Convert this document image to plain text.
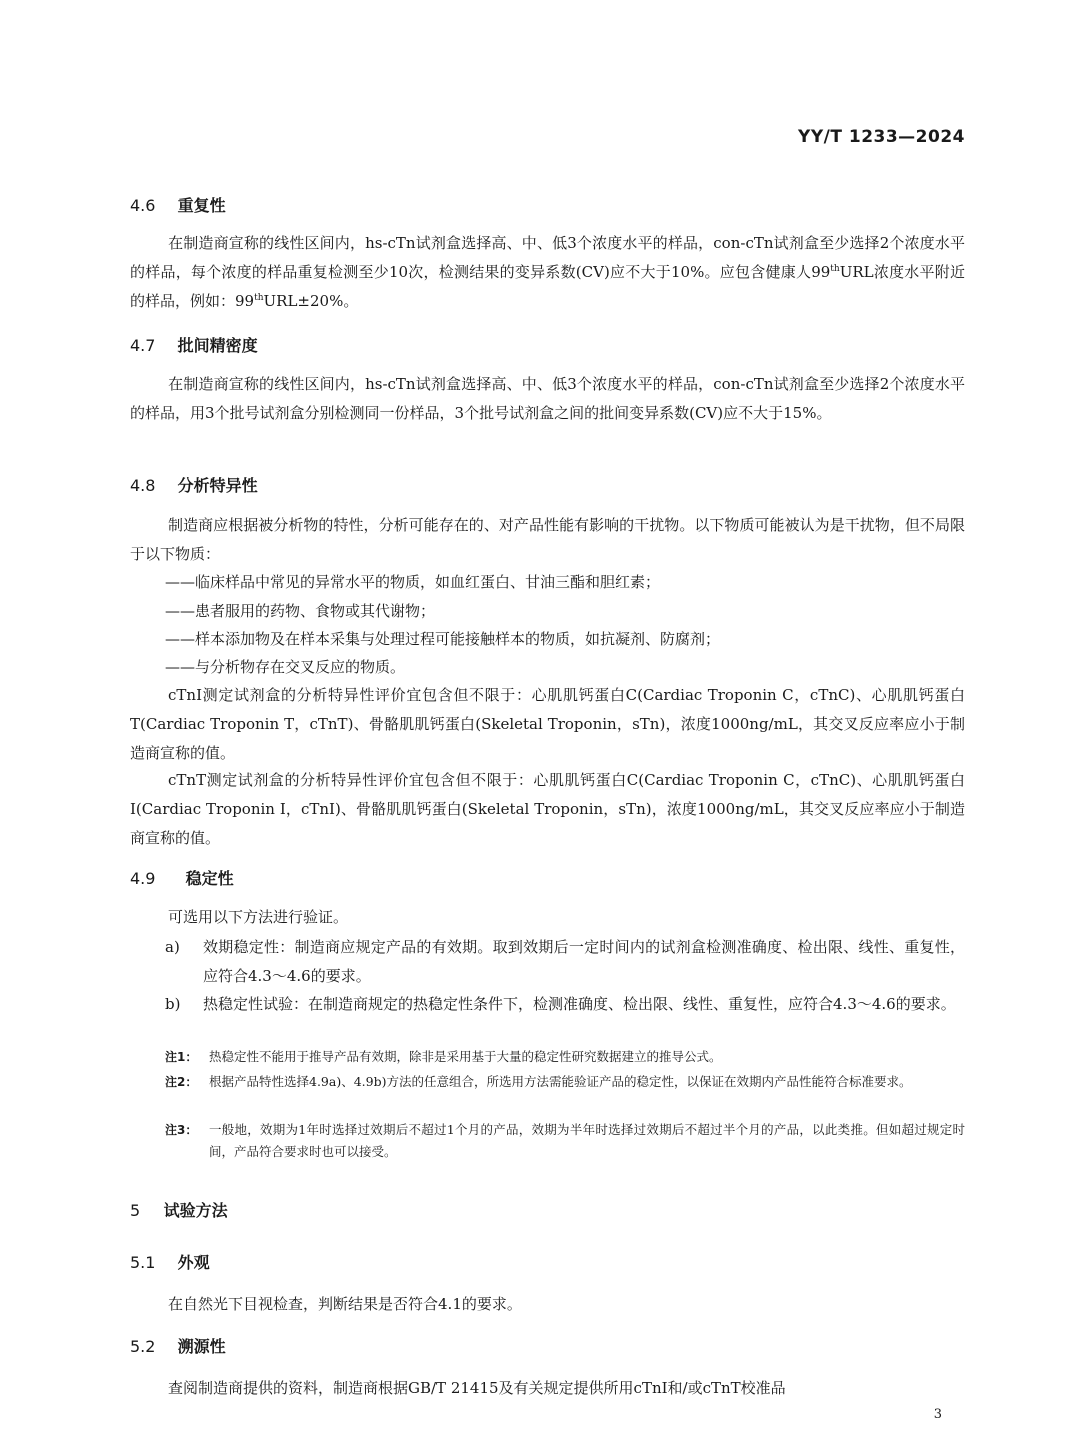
YY/T 1233—2024
4.6 重复性
在制造商宣称的线性区间内，hs-cTn试剂盒选择高、中、低3个浓度水平的样品，con-cTn试剂盒至少选择2个浓度水平的样品，每个浓度的样品重复检测至少10次，检测结果的变异系数(CV)应不大于10%。应包含健康人99thURL浓度水平附近的样品，例如：99thURL±20%。
4.7 批间精密度
在制造商宣称的线性区间内，hs-cTn试剂盒选择高、中、低3个浓度水平的样品，con-cTn试剂盒至少选择2个浓度水平的样品，用3个批号试剂盒分别检测同一份样品，3个批号试剂盒之间的批间变异系数(CV)应不大于15%。
4.8 分析特异性
制造商应根据被分析物的特性，分析可能存在的、对产品性能有影响的干扰物。以下物质可能被认为是干扰物，但不局限于以下物质：
——临床样品中常见的异常水平的物质，如血红蛋白、甘油三酯和胆红素；
——患者服用的药物、食物或其代谢物；
——样本添加物及在样本采集与处理过程可能接触样本的物质，如抗凝剂、防腐剂；
——与分析物存在交叉反应的物质。
cTnI测定试剂盒的分析特异性评价宜包含但不限于：心肌肌钙蛋白C(Cardiac Troponin C，cTnC)、心肌肌钙蛋白T(Cardiac Troponin T，cTnT)、骨骼肌肌钙蛋白(Skeletal Troponin，sTn)，浓度1000ng/mL，其交叉反应率应小于制造商宣称的值。
cTnT测定试剂盒的分析特异性评价宜包含但不限于：心肌肌钙蛋白C(Cardiac Troponin C，cTnC)、心肌肌钙蛋白I(Cardiac Troponin I，cTnI)、骨骼肌肌钙蛋白(Skeletal Troponin，sTn)，浓度1000ng/mL，其交叉反应率应小于制造商宣称的值。
4.9 稳定性
可选用以下方法进行验证。
a) 效期稳定性：制造商应规定产品的有效期。取到效期后一定时间内的试剂盒检测准确度、检出限、线性、重复性，应符合4.3～4.6的要求。
b) 热稳定性试验：在制造商规定的热稳定性条件下，检测准确度、检出限、线性、重复性，应符合4.3～4.6的要求。
注1： 热稳定性不能用于推导产品有效期，除非是采用基于大量的稳定性研究数据建立的推导公式。
注2： 根据产品特性选择4.9a)、4.9b)方法的任意组合，所选用方法需能验证产品的稳定性，以保证在效期内产品性能符合标准要求。
注3： 一般地，效期为1年时选择过效期后不超过1个月的产品，效期为半年时选择过效期后不超过半个月的产品，以此类推。但如超过规定时间，产品符合要求时也可以接受。
5 试验方法
5.1 外观
在自然光下目视检查，判断结果是否符合4.1的要求。
5.2 溯源性
查阅制造商提供的资料，制造商根据GB/T 21415及有关规定提供所用cTnI和/或cTnT校准品
3
